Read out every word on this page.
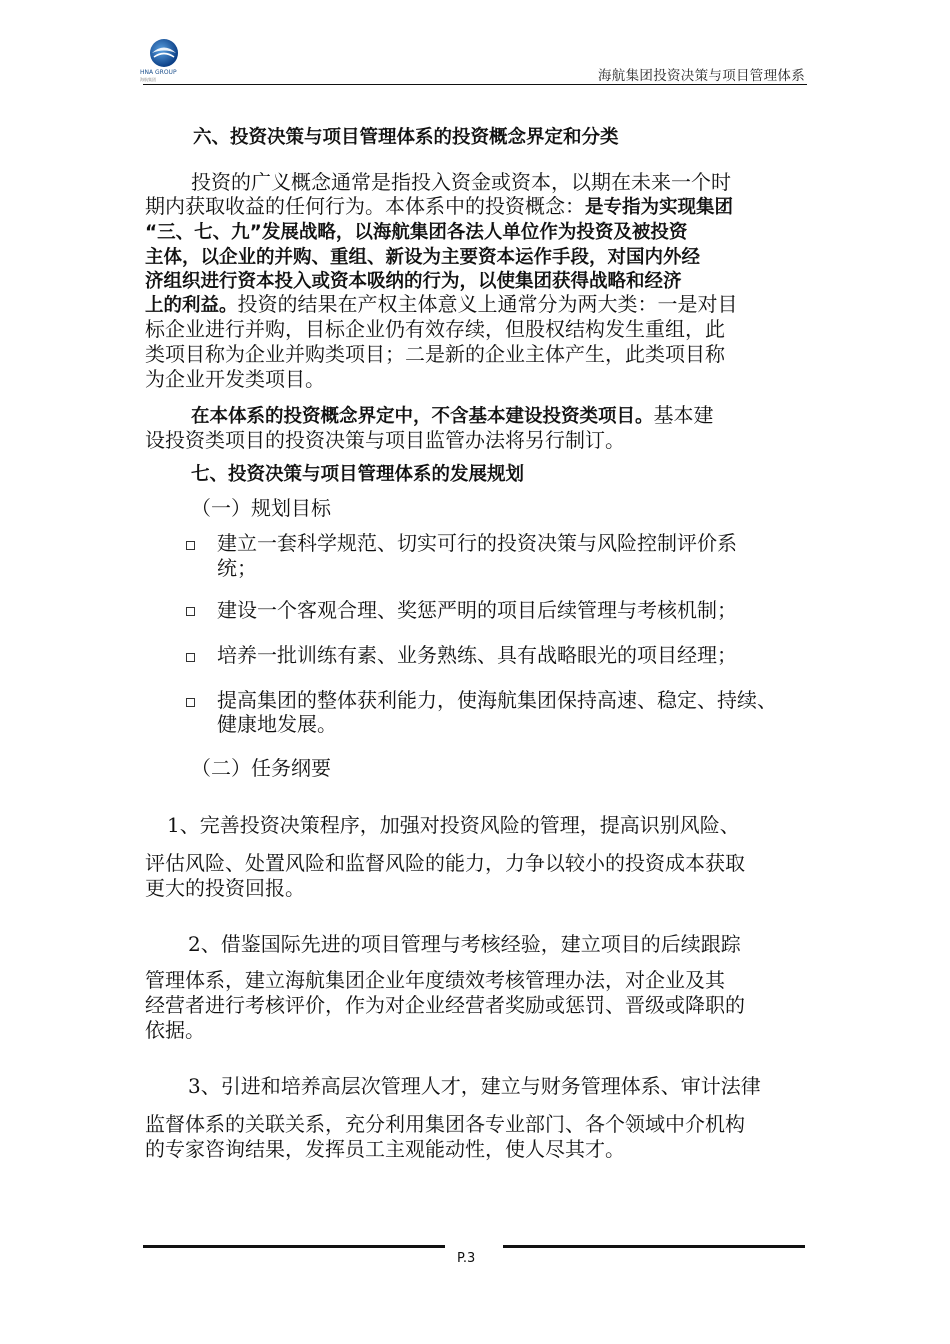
HNA GROUP
海航集团	海航集团投资决策与项目管理体系
六、投资决策与项目管理体系的投资概念界定和分类
投资的广义概念通常是指投入资金或资本，以期在未来一个时
期内获取收益的任何行为。本体系中的投资概念：是专指为实现集团
“三、七、九”发展战略，以海航集团各法人单位作为投资及被投资
主体，以企业的并购、重组、新设为主要资本运作手段，对国内外经
济组织进行资本投入或资本吸纳的行为，以使集团获得战略和经济
上的利益。投资的结果在产权主体意义上通常分为两大类：一是对目
标企业进行并购，目标企业仍有效存续，但股权结构发生重组，此
类项目称为企业并购类项目；二是新的企业主体产生，此类项目称
为企业开发类项目。
在本体系的投资概念界定中，不含基本建设投资类项目。基本建
设投资类项目的投资决策与项目监管办法将另行制订。
七、投资决策与项目管理体系的发展规划
（一）规划目标
建立一套科学规范、切实可行的投资决策与风险控制评价系
统；
建设一个客观合理、奖惩严明的项目后续管理与考核机制；
培养一批训练有素、业务熟练、具有战略眼光的项目经理；
提高集团的整体获利能力，使海航集团保持高速、稳定、持续、
健康地发展。
（二）任务纲要
1、完善投资决策程序，加强对投资风险的管理，提高识别风险、
评估风险、处置风险和监督风险的能力，力争以较小的投资成本获取
更大的投资回报。
2、借鉴国际先进的项目管理与考核经验，建立项目的后续跟踪
管理体系，建立海航集团企业年度绩效考核管理办法，对企业及其
经营者进行考核评价，作为对企业经营者奖励或惩罚、晋级或降职的
依据。
3、引进和培养高层次管理人才，建立与财务管理体系、审计法律
监督体系的关联关系，充分利用集团各专业部门、各个领域中介机构
的专家咨询结果，发挥员工主观能动性，使人尽其才。
P.3
